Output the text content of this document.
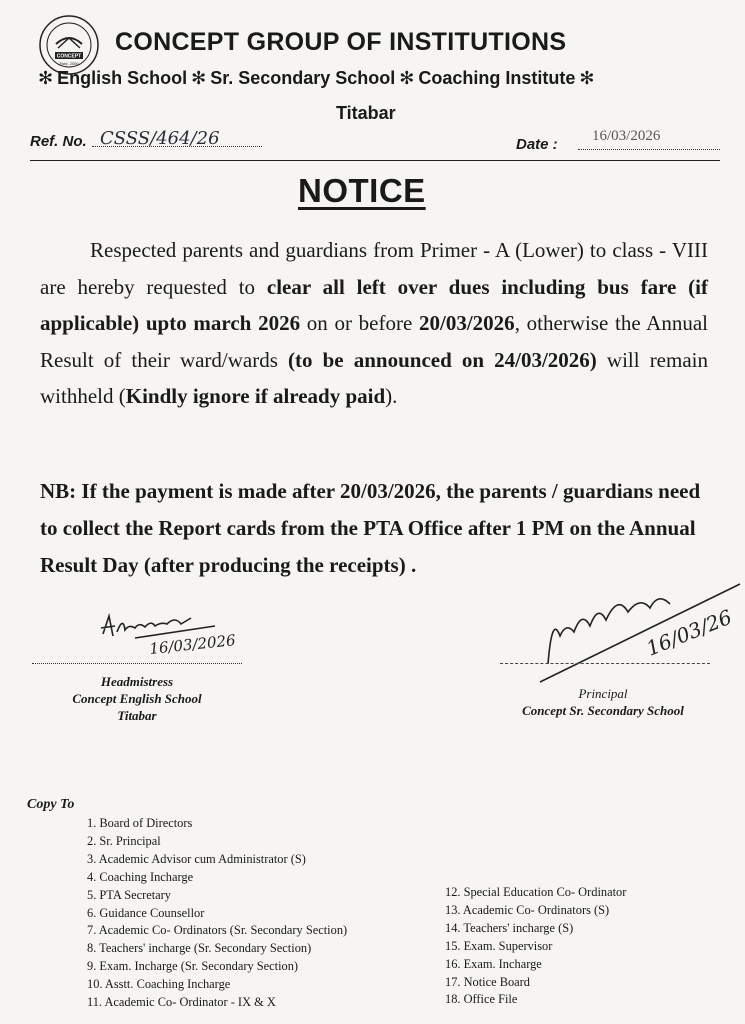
CONCEPT
Estd. 2000
CONCEPT GROUP OF INSTITUTIONS
✻ English School ✻ Sr. Secondary School ✻ Coaching Institute ✻
Titabar
Ref. No. CSSS/464/26	Date : 16/03/2026
NOTICE
Respected parents and guardians from Primer - A (Lower) to class - VIII are hereby requested to clear all left over dues including bus fare (if applicable) upto march 2026 on or before 20/03/2026, otherwise the Annual Result of their ward/wards (to be announced on 24/03/2026) will remain withheld (Kindly ignore if already paid).
NB: If the payment is made after 20/03/2026, the parents / guardians need to collect the Report cards from the PTA Office after 1 PM on the Annual Result Day (after producing the receipts) .
16/03/2026
Headmistress
Concept English School
Titabar
16/03/26
Principal
Concept Sr. Secondary School
Copy To
1. Board of Directors
2. Sr. Principal
3. Academic Advisor cum Administrator (S)
4. Coaching Incharge
5. PTA Secretary
6. Guidance Counsellor
7. Academic Co- Ordinators (Sr. Secondary Section)
8. Teachers' incharge (Sr. Secondary Section)
9. Exam. Incharge (Sr. Secondary Section)
10. Asstt. Coaching Incharge
11. Academic Co- Ordinator - IX & X
12. Special Education Co- Ordinator
13. Academic Co- Ordinators (S)
14. Teachers' incharge (S)
15. Exam. Supervisor
16. Exam. Incharge
17. Notice Board
18. Office File
